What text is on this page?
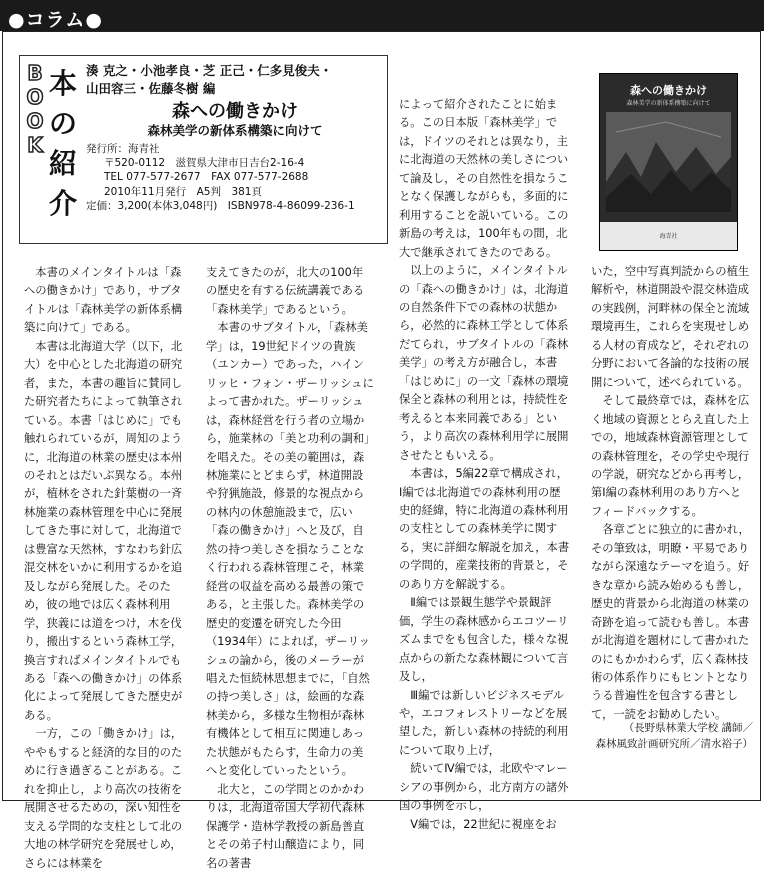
●コラム●
B
O
O
K
本
の
紹
介
湊 克之・小池孝良・芝 正己・仁多見俊夫・
山田容三・佐藤冬樹 編
森への働きかけ
森林美学の新体系構築に向けて
発行所：海青社
〒520-0112　滋賀県大津市日吉台2-16-4
TEL 077-577-2677　FAX 077-577-2688
2010年11月発行　A5判　381頁
定価：3,200(本体3,048円)　ISBN978-4-86099-236-1
森への働きかけ
森林美学の新体系構築に向けて
海青社

によって紹介されたことに始まる。この日本版「森林美学」では，ドイツのそれとは異なり，主に北海道の天然林の美しさについて論及し，その自然性を損なうことなく保護しながらも，多面的に利用することを説いている。この新島の考えは，100年もの間，北大で継承されてきたのである。

以上のように，メインタイトルの「森への働きかけ」は，北海道の自然条件下での森林の状態から，必然的に森林工学として体系だてられ，サブタイトルの「森林美学」の考え方が融合し，本書「はじめに」の一文「森林の環境保全と森林の利用とは，持続性を考えると本来同義である」という，より高次の森林利用学に展開させたともいえる。

本書は，5編22章で構成され，Ⅰ編では北海道での森林利用の歴史的経緯，特に北海道の森林利用の支柱としての森林美学に関する，実に詳細な解説を加え，本書の学問的，産業技術的背景と，そのあり方を解説する。

Ⅱ編では景観生態学や景観評価，学生の森林感からエコツーリズムまでをも包含した，様々な視点からの新たな森林観について言及し，

Ⅲ編では新しいビジネスモデルや，エコフォレストリーなどを展望した，新しい森林の持続的利用について取り上げ，

続いてⅣ編では，北欧やマレーシアの事例から，北方南方の諸外国の事例を示し，

Ⅴ編では，22世紀に視座をお

本書のメインタイトルは「森への働きかけ」であり，サブタイトルは「森林美学の新体系構築に向けて」である。

本書は北海道大学（以下，北大）を中心とした北海道の研究者，また，本書の趣旨に賛同した研究者たちによって執筆されている。本書「はじめに」でも触れられているが，周知のように，北海道の林業の歴史は本州のそれとはだいぶ異なる。本州が，植林をされた針葉樹の一斉林施業の森林管理を中心に発展してきた事に対して，北海道では豊富な天然林，すなわち針広混交林をいかに利用するかを追及しながら発展した。そのため，彼の地では広く森林利用学，狭義には道をつけ，木を伐り，搬出するという森林工学，換言すればメインタイトルでもある「森への働きかけ」の体系化によって発展してきた歴史がある。

一方，この「働きかけ」は，ややもすると経済的な目的のために行き過ぎることがある。これを抑止し，より高次の技術を展開させるための，深い知性を支える学問的な支柱として北の大地の林学研究を発展せしめ，さらには林業を

支えてきたのが，北大の100年の歴史を有する伝統講義である「森林美学」であるという。

本書のサブタイトル，「森林美学」は，19世紀ドイツの貴族（ユンカー）であった，ハインリッヒ・フォン・ザーリッシュによって書かれた。ザーリッシュは，森林経営を行う者の立場から，施業林の「美と功利の調和」を唱えた。その美の範囲は，森林施業にとどまらず，林道開設や狩猟施設，修景的な視点からの林内の休憩施設まで，広い「森の働きかけ」へと及び，自然の持つ美しさを損なうことなく行われる森林管理こそ，林業経営の収益を高める最善の策である，と主張した。森林美学の歴史的変遷を研究した今田（1934年）によれば，ザーリッシュの論から，後のメーラーが唱えた恒続林思想までに，「自然の持つ美しさ」は，絵画的な森林美から，多様な生物相が森林有機体として相互に関連しあった状態がもたらす，生命力の美へと変化していったという。

北大と，この学問とのかかわりは，北海道帝国大学初代森林保護学・造林学教授の新島善直とその弟子村山醸造により，同名の著書

いた，空中写真判読からの植生解析や，林道開設や混交林造成の実践例，河畔林の保全と流域環境再生，これらを実現せしめる人材の育成など，それぞれの分野において各論的な技術の展開について，述べられている。

そして最終章では，森林を広く地域の資源ととらえ直した上での，地域森林資源管理としての森林管理を，その学史や現行の学説，研究などから再考し，第Ⅰ編の森林利用のあり方へとフィードバックする。

各章ごとに独立的に書かれ，その筆致は，明瞭・平易でありながら深遠なテーマを追う。好きな章から読み始めるも善し，歴史的背景から北海道の林業の奇跡を追って読むも善し。本書が北海道を題材にして書かれたのにもかかわらず，広く森林技術の体系作りにもヒントとなりうる普遍性を包含する書として，一読をお勧めしたい。

（長野県林業大学校 講師／
森林風致計画研究所／清水裕子）
